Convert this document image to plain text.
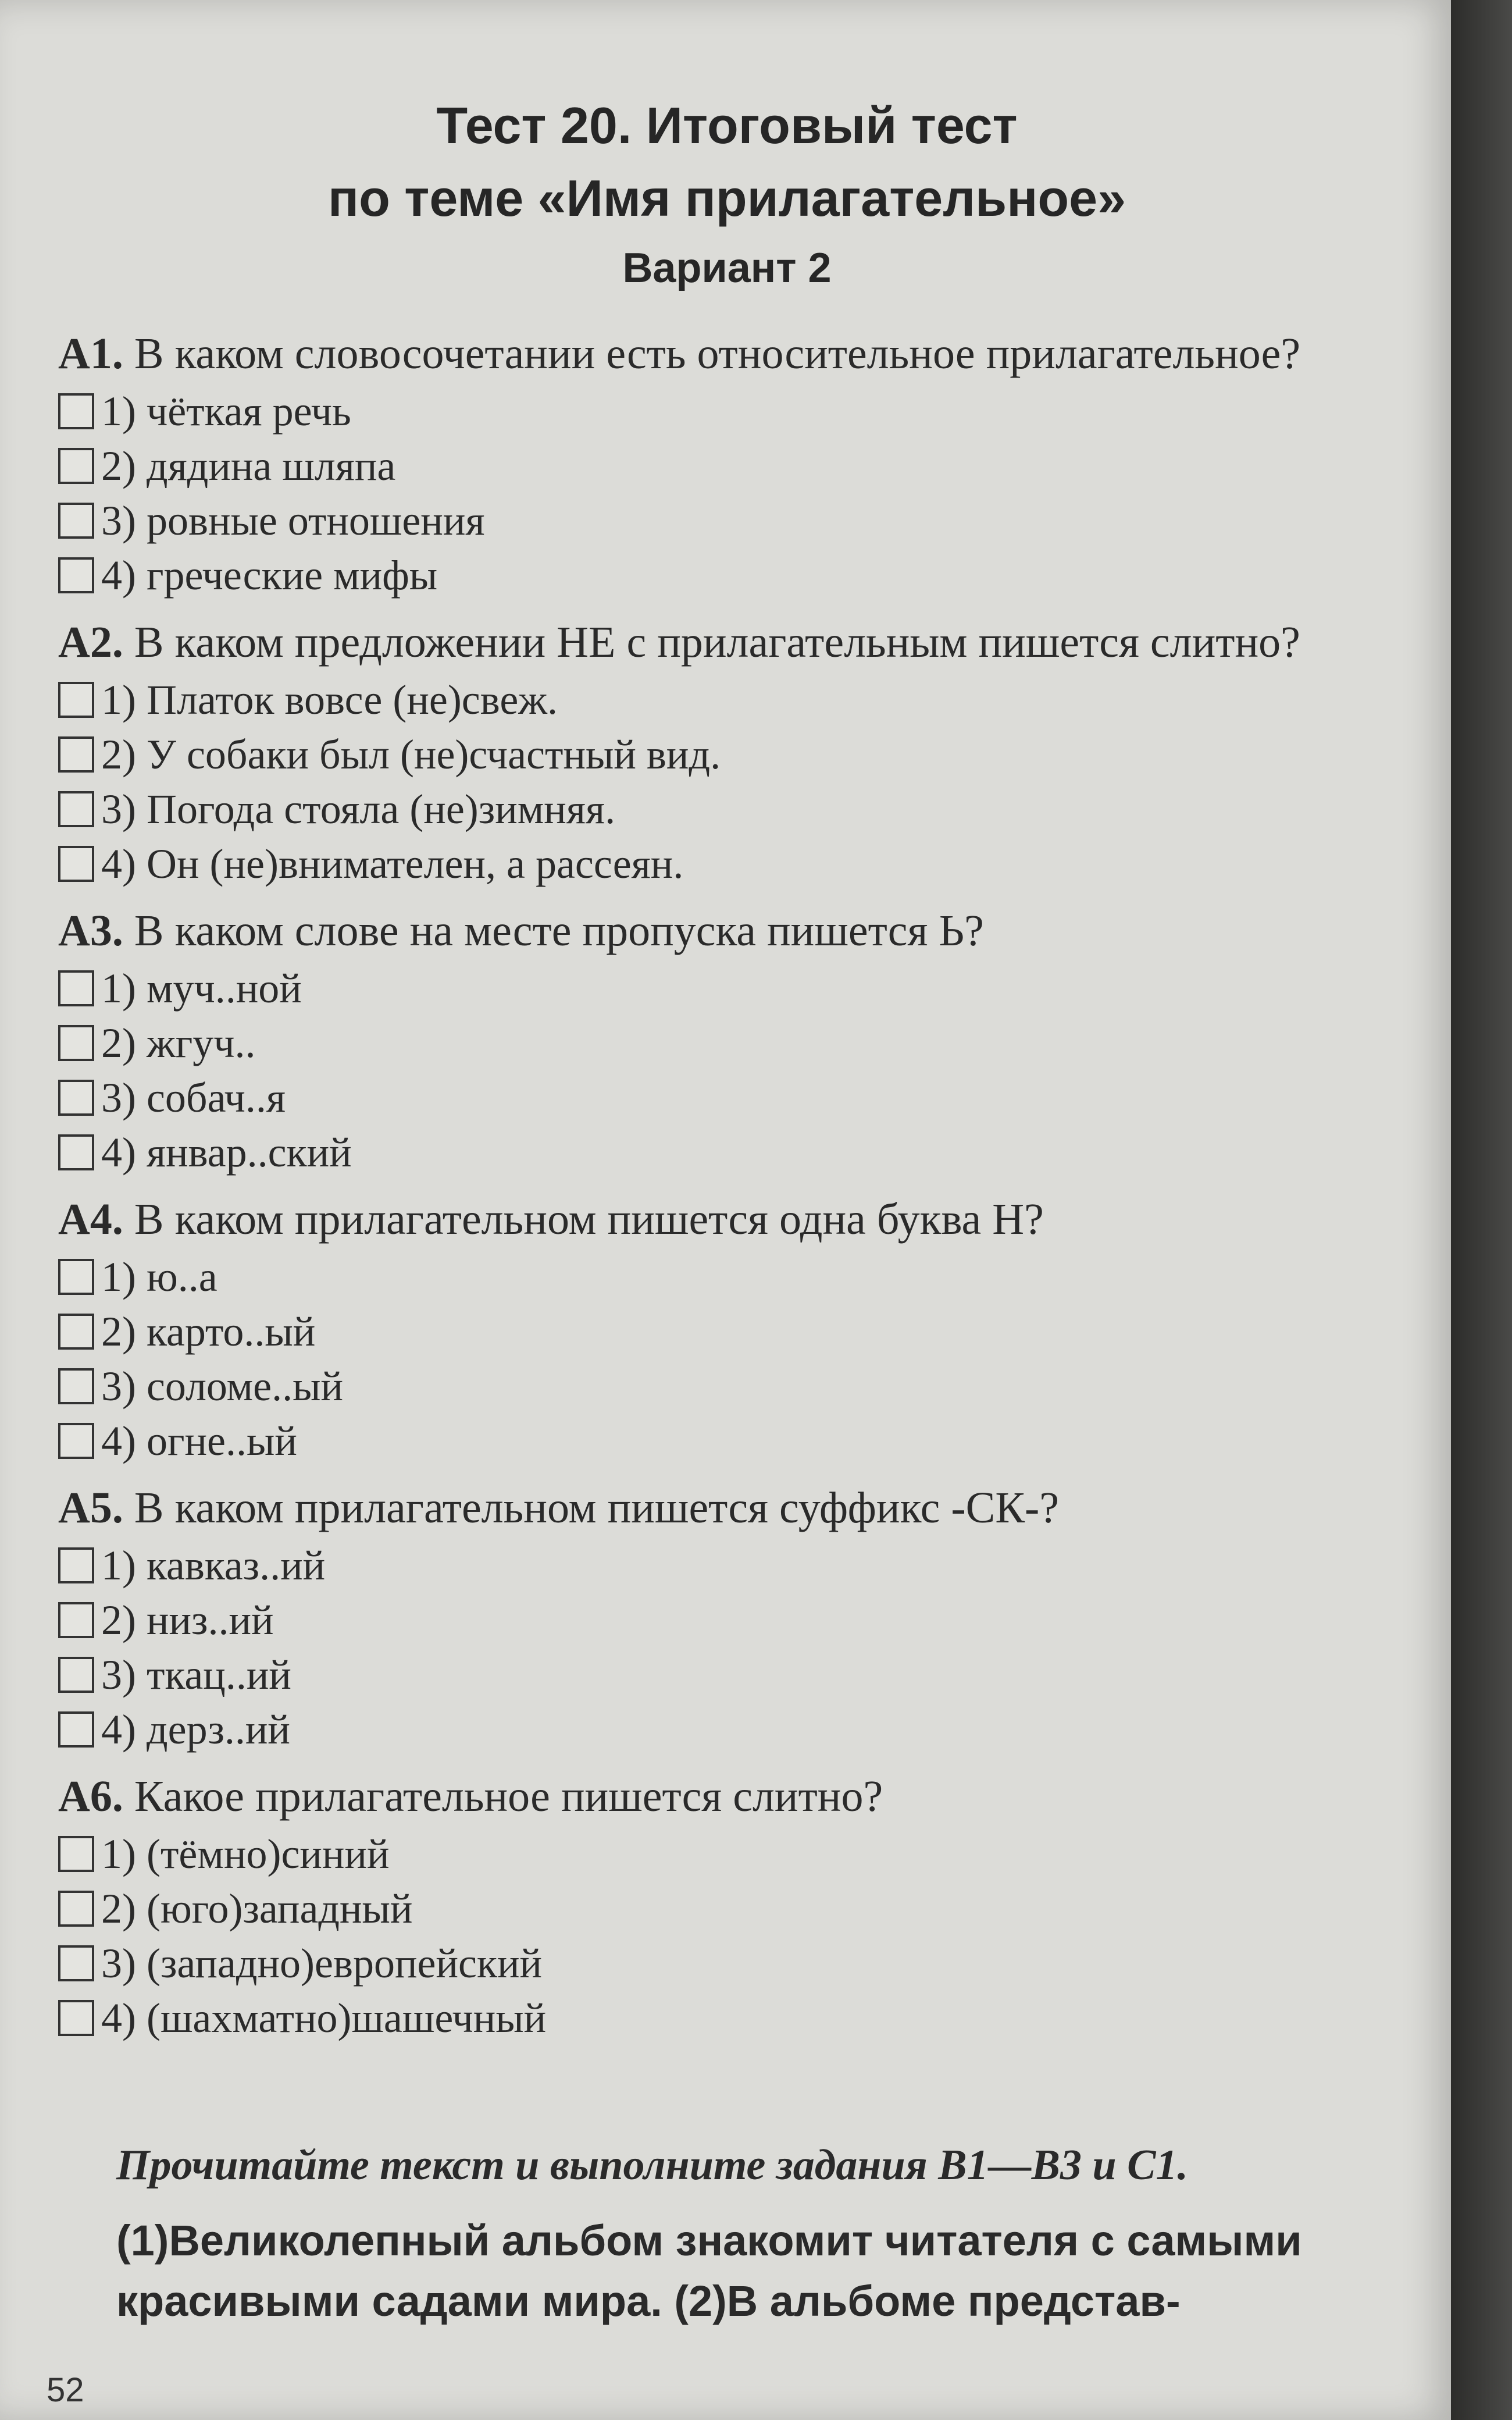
Тест 20. Итоговый тест
по теме «Имя прилагательное»
Вариант 2
A1. В каком словосочетании есть относительное прилагательное?
1) чёткая речь
2) дядина шляпа
3) ровные отношения
4) греческие мифы
A2. В каком предложении НЕ с прилагательным пишется слитно?
1) Платок вовсе (не)свеж.
2) У собаки был (не)счастный вид.
3) Погода стояла (не)зимняя.
4) Он (не)внимателен, а рассеян.
A3. В каком слове на месте пропуска пишется Ь?
1) муч..ной
2) жгуч..
3) собач..я
4) январ..ский
A4. В каком прилагательном пишется одна буква Н?
1) ю..а
2) карто..ый
3) соломе..ый
4) огне..ый
A5. В каком прилагательном пишется суффикс -СК-?
1) кавказ..ий
2) низ..ий
3) ткац..ий
4) дерз..ий
A6. Какое прилагательное пишется слитно?
1) (тёмно)синий
2) (юго)западный
3) (западно)европейский
4) (шахматно)шашечный
Прочитайте текст и выполните задания B1—B3 и C1.
(1)Великолепный альбом знакомит читателя с самыми красивыми садами мира. (2)В альбоме представ-
52
